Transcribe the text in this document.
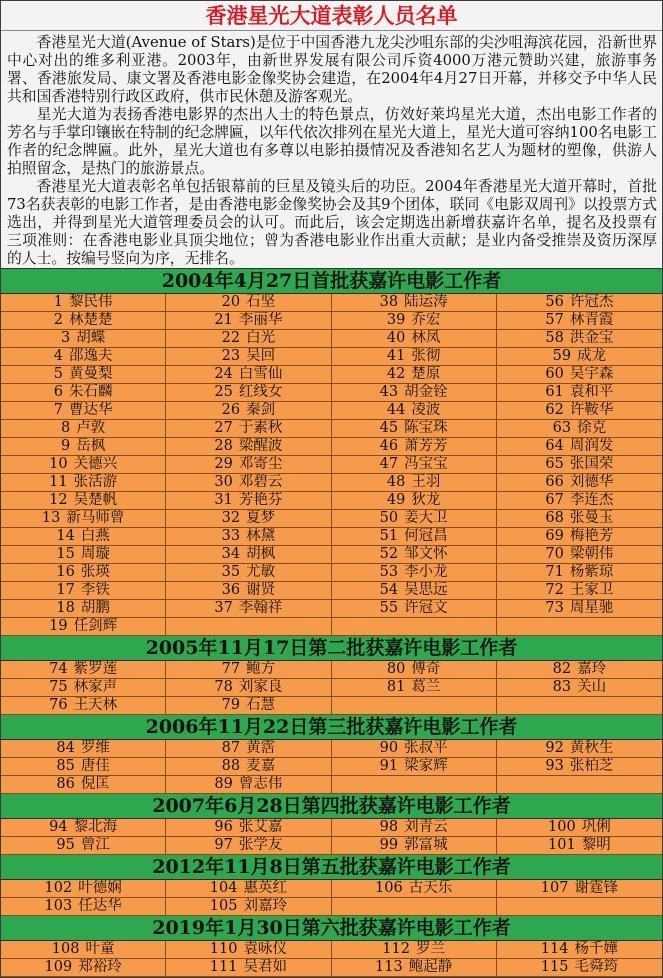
香港星光大道表彰人员名单

香港星光大道(Avenue of Stars)是位于中国香港九龙尖沙咀东部的尖沙咀海滨花园，沿新世界中心对出的维多利亚港。2003年，由新世界发展有限公司斥资4000万港元赞助兴建，旅游事务署、香港旅发局、康文署及香港电影金像奖协会建造，在2004年4月27日开幕，并移交予中华人民共和国香港特别行政区政府，供市民休憩及游客观光。

星光大道为表扬香港电影界的杰出人士的特色景点，仿效好莱坞星光大道，杰出电影工作者的芳名与手掌印镶嵌在特制的纪念牌匾，以年代依次排列在星光大道上，星光大道可容纳100名电影工作者的纪念牌匾。此外，星光大道也有多尊以电影拍摄情况及香港知名艺人为题材的塑像，供游人拍照留念，是热门的旅游景点。

香港星光大道表彰名单包括银幕前的巨星及镜头后的功臣。2004年香港星光大道开幕时，首批73名获表彰的电影工作者，是由香港电影金像奖协会及其9个团体，联同《电影双周刊》以投票方式选出，并得到星光大道管理委员会的认可。而此后，该会定期选出新增获嘉许名单，提名及投票有三项准则：在香港电影业具顶尖地位；曾为香港电影业作出重大贡献；是业内备受推崇及资历深厚的人士。按编号竖向为序，无排名。

2004年4月27日首批获嘉许电影工作者
1 黎民伟	20 石坚	38 陆运涛	56 许冠杰
2 林楚楚	21 李丽华	39 乔宏	57 林青霞
3 胡蝶	22 白光	40 林凤	58 洪金宝
4 邵逸夫	23 吴回	41 张彻	59 成龙
5 黄曼梨	24 白雪仙	42 楚原	60 吴宇森
6 朱石麟	25 红线女	43 胡金铨	61 袁和平
7 曹达华	26 秦剑	44 凌波	62 许鞍华
8 卢敦	27 于素秋	45 陈宝珠	63 徐克
9 岳枫	28 梁醒波	46 萧芳芳	64 周润发
10 关德兴	29 邓寄尘	47 冯宝宝	65 张国荣
11 张活游	30 邓碧云	48 王羽	66 刘德华
12 吴楚帆	31 芳艳芬	49 狄龙	67 李连杰
13 新马师曾	32 夏梦	50 姜大卫	68 张曼玉
14 白燕	33 林黛	51 何冠昌	69 梅艳芳
15 周璇	34 胡枫	52 邹文怀	70 梁朝伟
16 张瑛	35 尤敏	53 李小龙	71 杨紫琼
17 李铁	36 谢贤	54 吴思远	72 王家卫
18 胡鹏	37 李翰祥	55 许冠文	73 周星驰
19 任剑辉
2005年11月17日第二批获嘉许电影工作者
74 紫罗莲	77 鲍方	80 傅奇	82 嘉玲
75 林家声	78 刘家良	81 葛兰	83 关山
76 王天林	79 石慧
2006年11月22日第三批获嘉许电影工作者
84 罗维	87 黄霑	90 张叔平	92 黄秋生
85 唐佳	88 麦嘉	91 梁家辉	93 张柏芝
86 倪匡	89 曾志伟
2007年6月28日第四批获嘉许电影工作者
94 黎北海	96 张艾嘉	98 刘青云	100 巩俐
95 曾江	97 张学友	99 郭富城	101 黎明
2012年11月8日第五批获嘉许电影工作者
102 叶德娴	104 惠英红	106 古天乐	107 谢霆锋
103 任达华	105 刘嘉玲
2019年1月30日第六批获嘉许电影工作者
108 叶童	110 袁咏仪	112 罗兰	114 杨千嬅
109 郑裕玲	111 吴君如	113 鲍起静	115 毛舜筠
